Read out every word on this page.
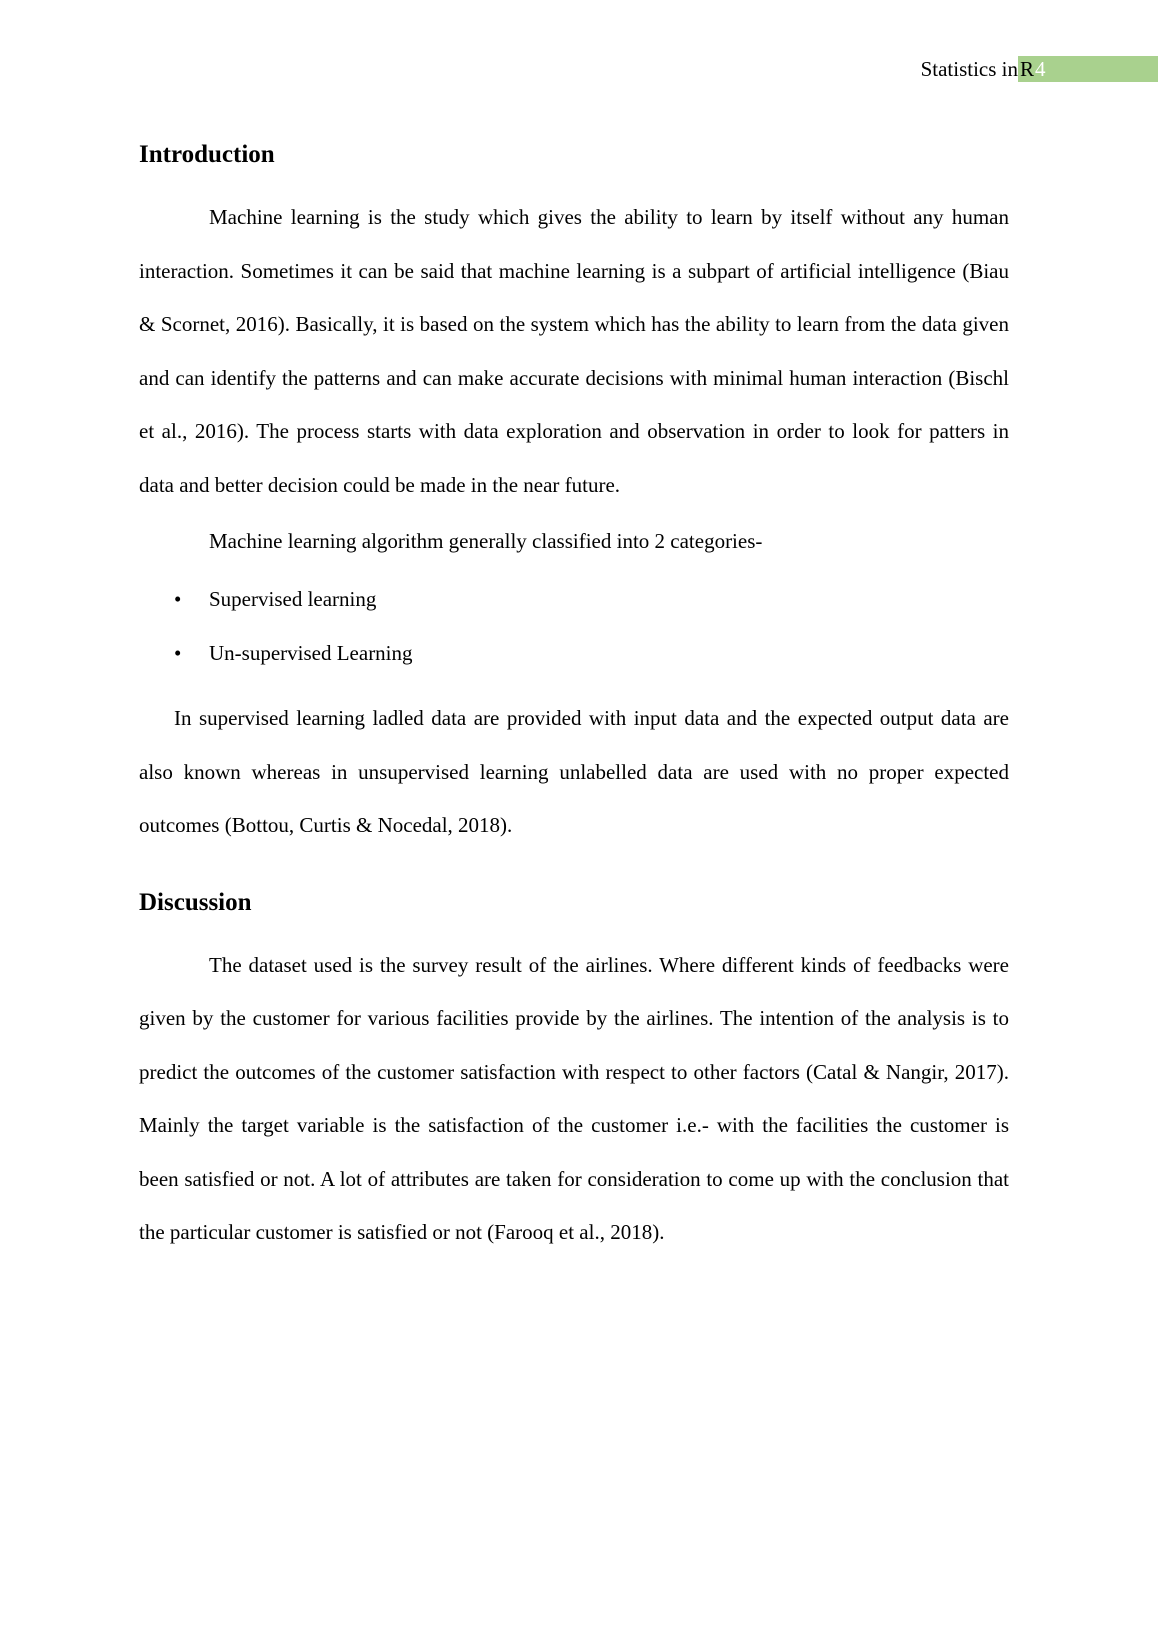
Statistics in R 4
Introduction

Machine learning is the study which gives the ability to learn by itself without any human interaction. Sometimes it can be said that machine learning is a subpart of artificial intelligence (Biau & Scornet, 2016). Basically, it is based on the system which has the ability to learn from the data given and can identify the patterns and can make accurate decisions with minimal human interaction (Bischl et al., 2016). The process starts with data exploration and observation in order to look for patters in data and better decision could be made in the near future.

Machine learning algorithm generally classified into 2 categories-

• Supervised learning
• Un-supervised Learning

In supervised learning ladled data are provided with input data and the expected output data are also known whereas in unsupervised learning unlabelled data are used with no proper expected outcomes (Bottou, Curtis & Nocedal, 2018).

Discussion

The dataset used is the survey result of the airlines. Where different kinds of feedbacks were given by the customer for various facilities provide by the airlines. The intention of the analysis is to predict the outcomes of the customer satisfaction with respect to other factors (Catal & Nangir, 2017). Mainly the target variable is the satisfaction of the customer i.e.- with the facilities the customer is been satisfied or not. A lot of attributes are taken for consideration to come up with the conclusion that the particular customer is satisfied or not (Farooq et al., 2018).
